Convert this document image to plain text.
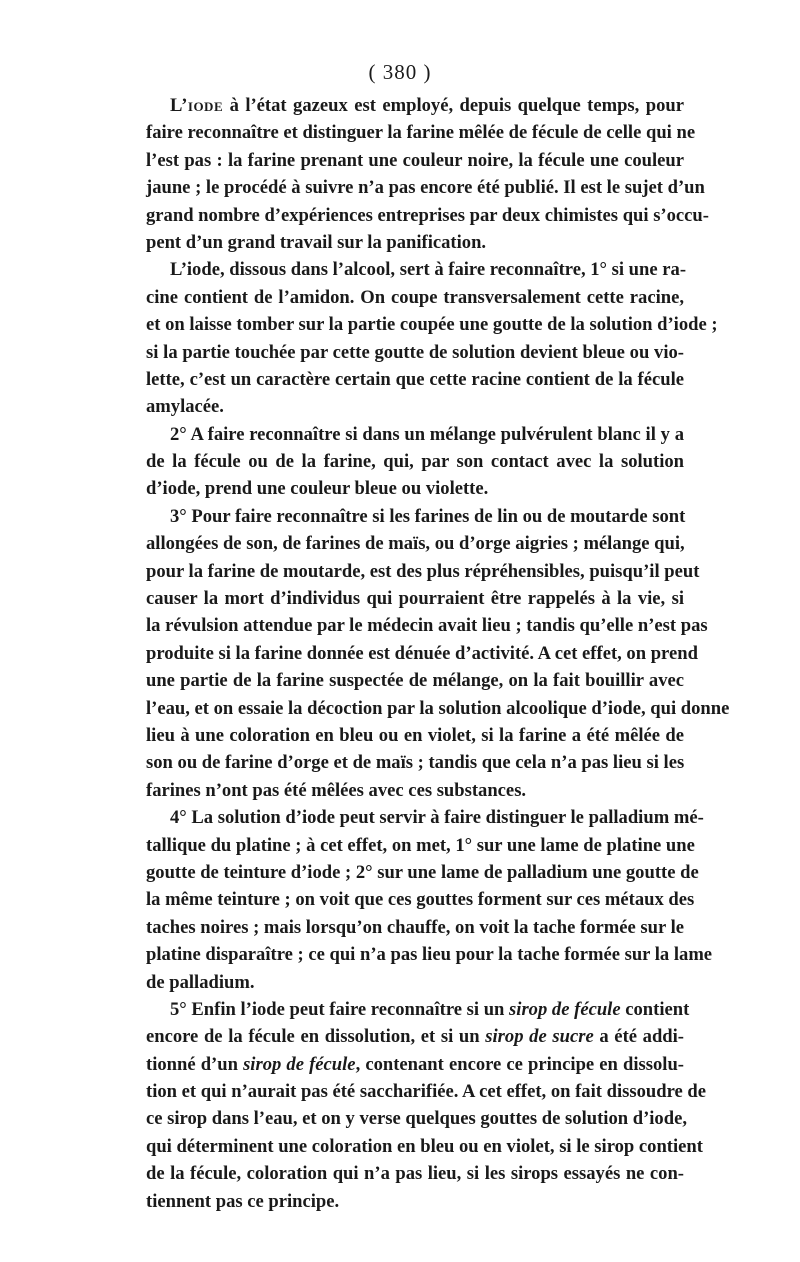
( 380 )
L’iode à l’état gazeux est employé, depuis quelque temps, pour
faire reconnaître et distinguer la farine mêlée de fécule de celle qui ne
l’est pas : la farine prenant une couleur noire, la fécule une couleur
jaune ; le procédé à suivre n’a pas encore été publié. Il est le sujet d’un
grand nombre d’expériences entreprises par deux chimistes qui s’occu-
pent d’un grand travail sur la panification.
L’iode, dissous dans l’alcool, sert à faire reconnaître, 1° si une ra-
cine contient de l’amidon. On coupe transversalement cette racine,
et on laisse tomber sur la partie coupée une goutte de la solution d’iode ;
si la partie touchée par cette goutte de solution devient bleue ou vio-
lette, c’est un caractère certain que cette racine contient de la fécule
amylacée.
2° A faire reconnaître si dans un mélange pulvérulent blanc il y a
de la fécule ou de la farine, qui, par son contact avec la solution
d’iode, prend une couleur bleue ou violette.
3° Pour faire reconnaître si les farines de lin ou de moutarde sont
allongées de son, de farines de maïs, ou d’orge aigries ; mélange qui,
pour la farine de moutarde, est des plus répréhensibles, puisqu’il peut
causer la mort d’individus qui pourraient être rappelés à la vie, si
la révulsion attendue par le médecin avait lieu ; tandis qu’elle n’est pas
produite si la farine donnée est dénuée d’activité. A cet effet, on prend
une partie de la farine suspectée de mélange, on la fait bouillir avec
l’eau, et on essaie la décoction par la solution alcoolique d’iode, qui donne
lieu à une coloration en bleu ou en violet, si la farine a été mêlée de
son ou de farine d’orge et de maïs ; tandis que cela n’a pas lieu si les
farines n’ont pas été mêlées avec ces substances.
4° La solution d’iode peut servir à faire distinguer le palladium mé-
tallique du platine ; à cet effet, on met, 1° sur une lame de platine une
goutte de teinture d’iode ; 2° sur une lame de palladium une goutte de
la même teinture ; on voit que ces gouttes forment sur ces métaux des
taches noires ; mais lorsqu’on chauffe, on voit la tache formée sur le
platine disparaître ; ce qui n’a pas lieu pour la tache formée sur la lame
de palladium.
5° Enfin l’iode peut faire reconnaître si un sirop de fécule contient
encore de la fécule en dissolution, et si un sirop de sucre a été addi-
tionné d’un sirop de fécule, contenant encore ce principe en dissolu-
tion et qui n’aurait pas été saccharifiée. A cet effet, on fait dissoudre de
ce sirop dans l’eau, et on y verse quelques gouttes de solution d’iode,
qui déterminent une coloration en bleu ou en violet, si le sirop contient
de la fécule, coloration qui n’a pas lieu, si les sirops essayés ne con-
tiennent pas ce principe.
